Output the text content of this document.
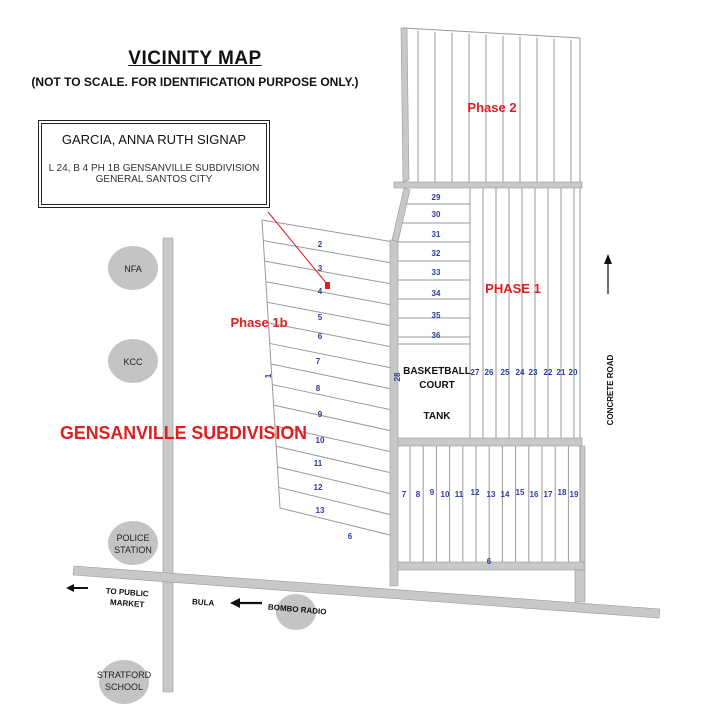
Phase 2
PHASE 1
Phase 1b
GENSANVILLE SUBDIVISION
BASKETBALL
COURT
TANK
NFA
KCC
POLICE
STATION
STRATFORD
SCHOOL
CONCRETE ROAD
TO PUBLIC
MARKET	BULA	BOMBO RADIO
1
6
28
6
2
3
4
5
6
7
8
9
10
11
12
13
29
30
31
32
33
34
35
36
27 26 25 24 23 22 21 20
7 8 9 10 11 12 13 14 15 16 17 18 19
VICINITY MAP
(NOT TO SCALE. FOR IDENTIFICATION PURPOSE ONLY.)
GARCIA, ANNA RUTH SIGNAP
L 24, B 4 PH 1B GENSANVILLE SUBDIVISION
GENERAL SANTOS CITY
